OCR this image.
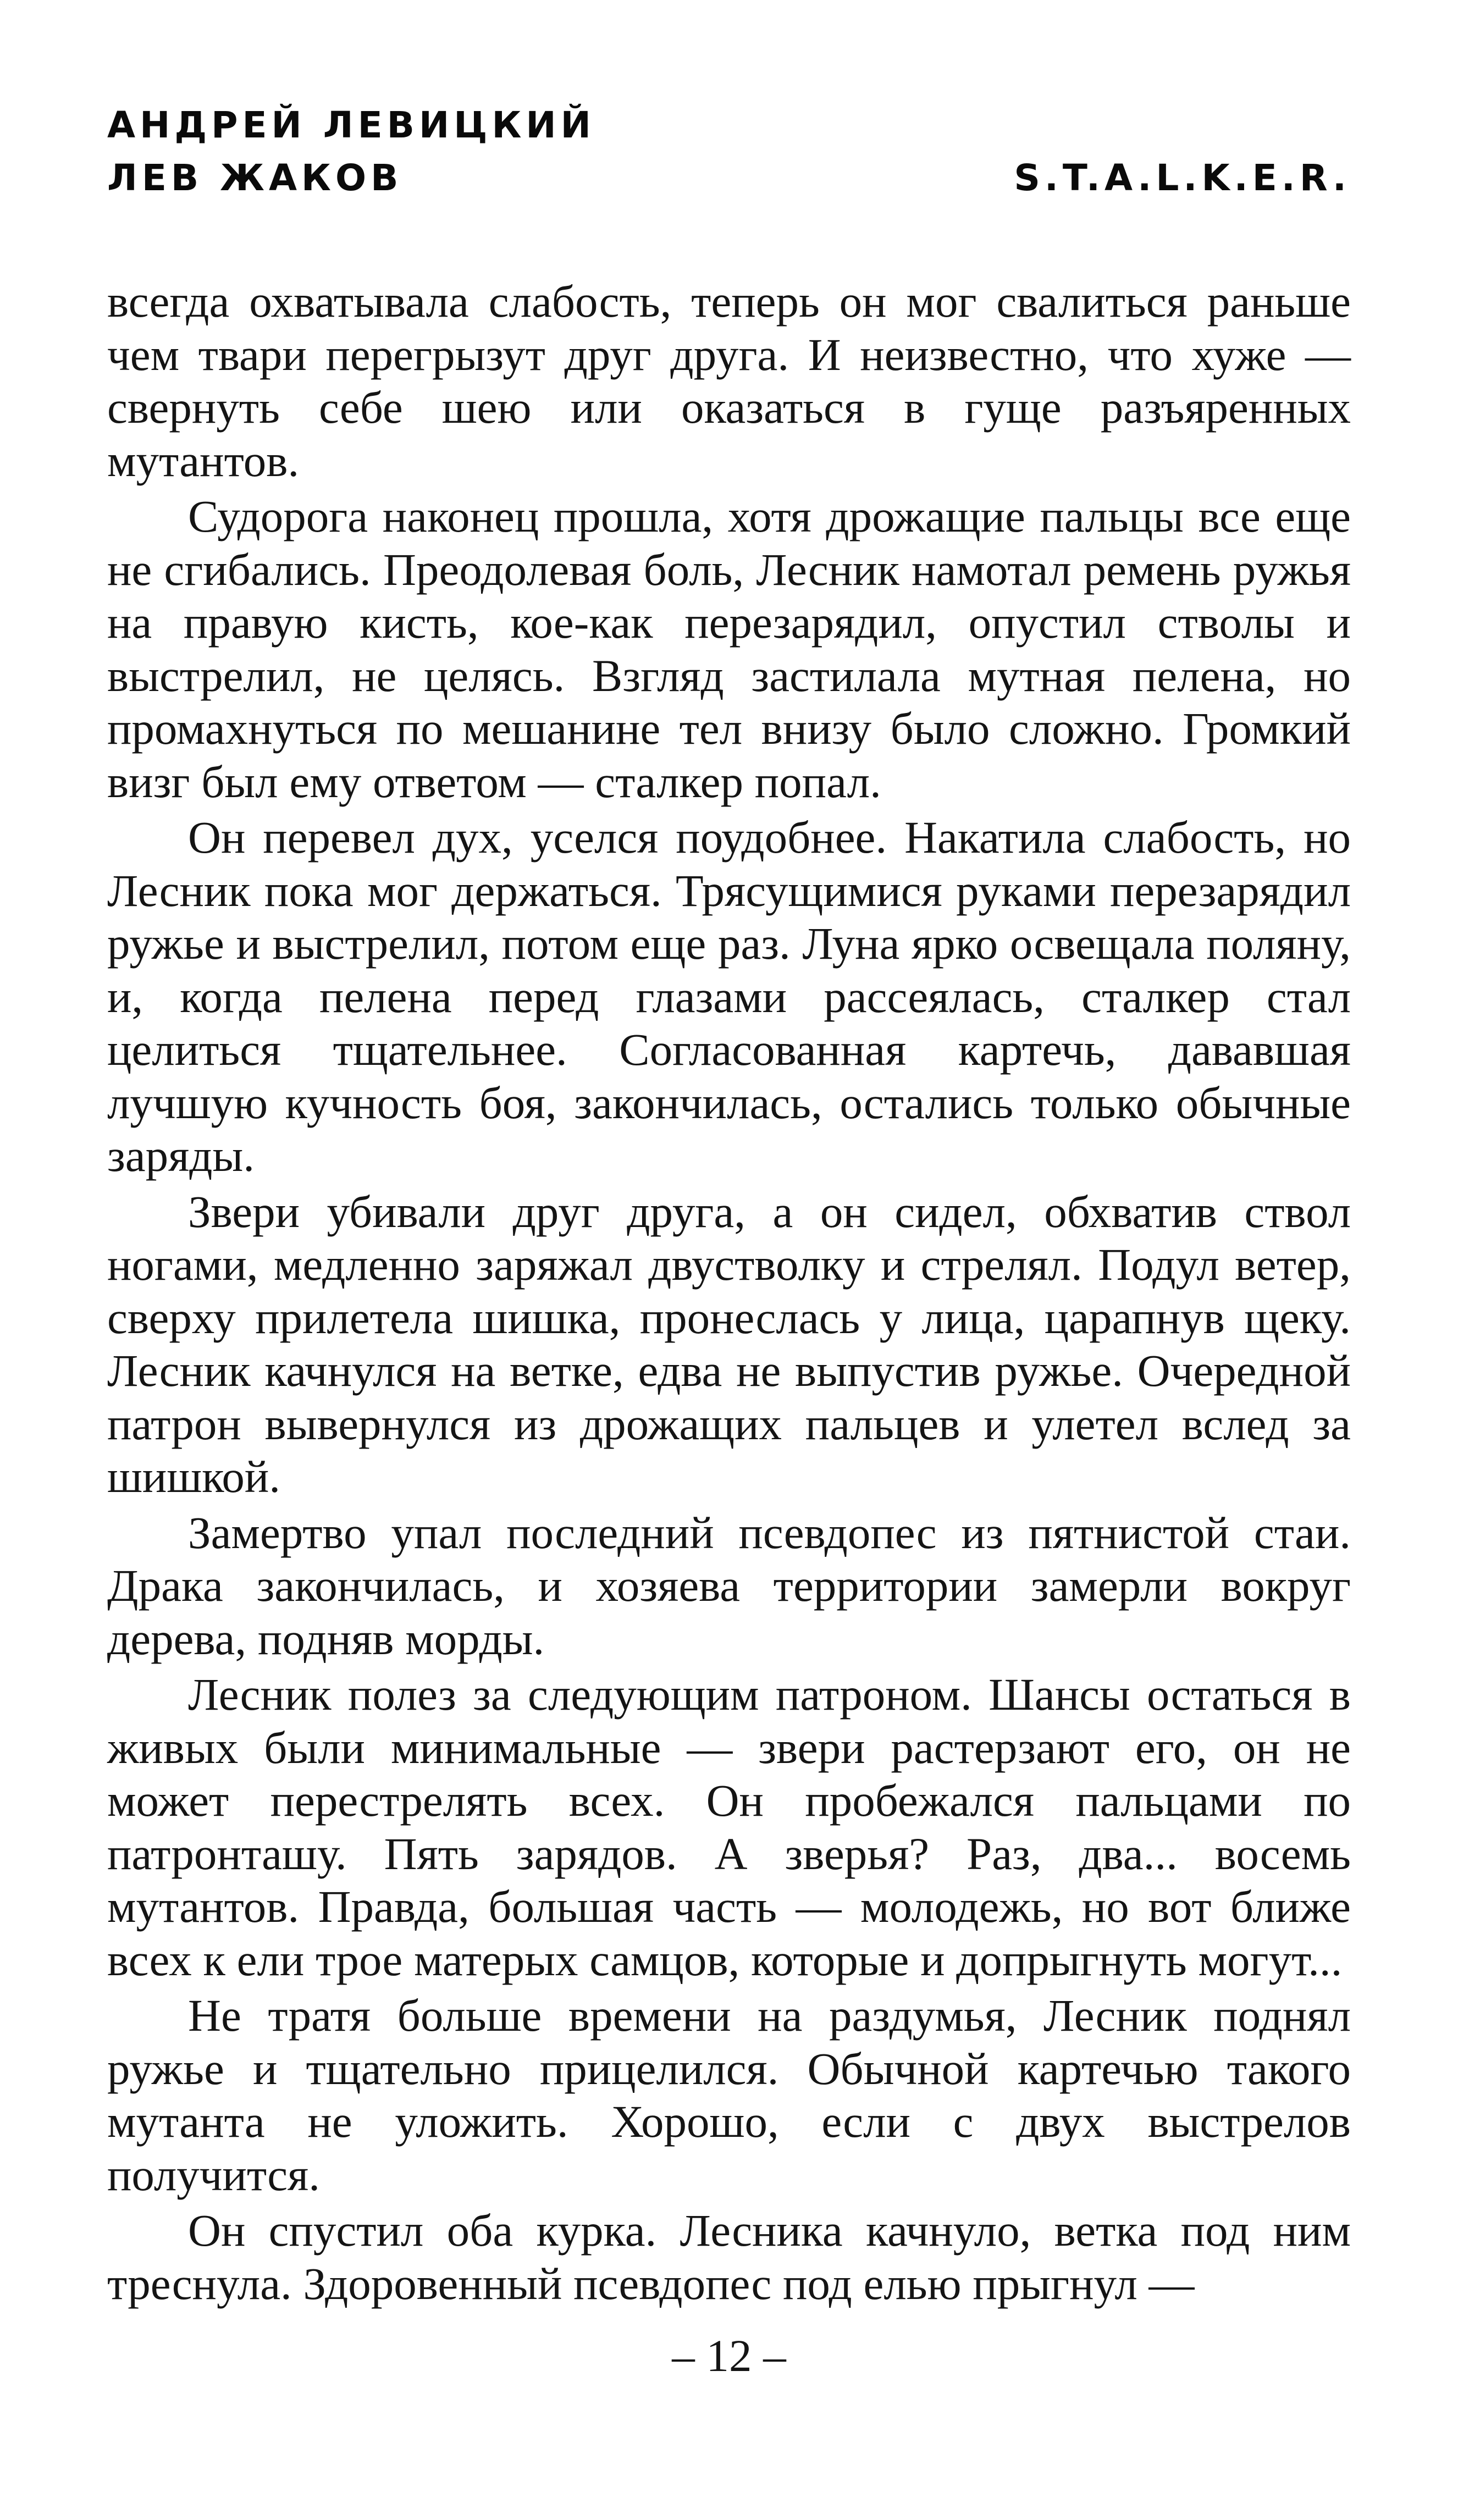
АНДРЕЙ ЛЕВИЦКИЙ
ЛЕВ ЖАКОВ	S.T.A.L.K.E.R.

всегда охватывала слабость, теперь он мог свалиться раньше чем твари перегрызут друг друга. И неизвестно, что хуже — свернуть себе шею или оказаться в гуще разъяренных мутантов.

Судорога наконец прошла, хотя дрожащие пальцы все еще не сгибались. Преодолевая боль, Лесник намотал ремень ружья на правую кисть, кое-как перезарядил, опустил стволы и выстрелил, не целясь. Взгляд застилала мутная пелена, но промахнуться по мешанине тел внизу было сложно. Громкий визг был ему ответом — сталкер попал.

Он перевел дух, уселся поудобнее. Накатила слабость, но Лесник пока мог держаться. Трясущимися руками перезарядил ружье и выстрелил, потом еще раз. Луна ярко освещала поляну, и, когда пелена перед глазами рассеялась, сталкер стал целиться тщательнее. Согласованная картечь, дававшая лучшую кучность боя, закончилась, остались только обычные заряды.

Звери убивали друг друга, а он сидел, обхватив ствол ногами, медленно заряжал двустволку и стрелял. Подул ветер, сверху прилетела шишка, пронеслась у лица, царапнув щеку. Лесник качнулся на ветке, едва не выпустив ружье. Очередной патрон вывернулся из дрожащих пальцев и улетел вслед за шишкой.

Замертво упал последний псевдопес из пятнистой стаи. Драка закончилась, и хозяева территории замерли вокруг дерева, подняв морды.

Лесник полез за следующим патроном. Шансы остаться в живых были минимальные — звери растерзают его, он не может перестрелять всех. Он пробежался пальцами по патронташу. Пять зарядов. А зверья? Раз, два... восемь мутантов. Правда, большая часть — молодежь, но вот ближе всех к ели трое матерых самцов, которые и допрыгнуть могут...

Не тратя больше времени на раздумья, Лесник поднял ружье и тщательно прицелился. Обычной картечью такого мутанта не уложить. Хорошо, если с двух выстрелов получится.

Он спустил оба курка. Лесника качнуло, ветка под ним треснула. Здоровенный псевдопес под елью прыгнул —

– 12 –
